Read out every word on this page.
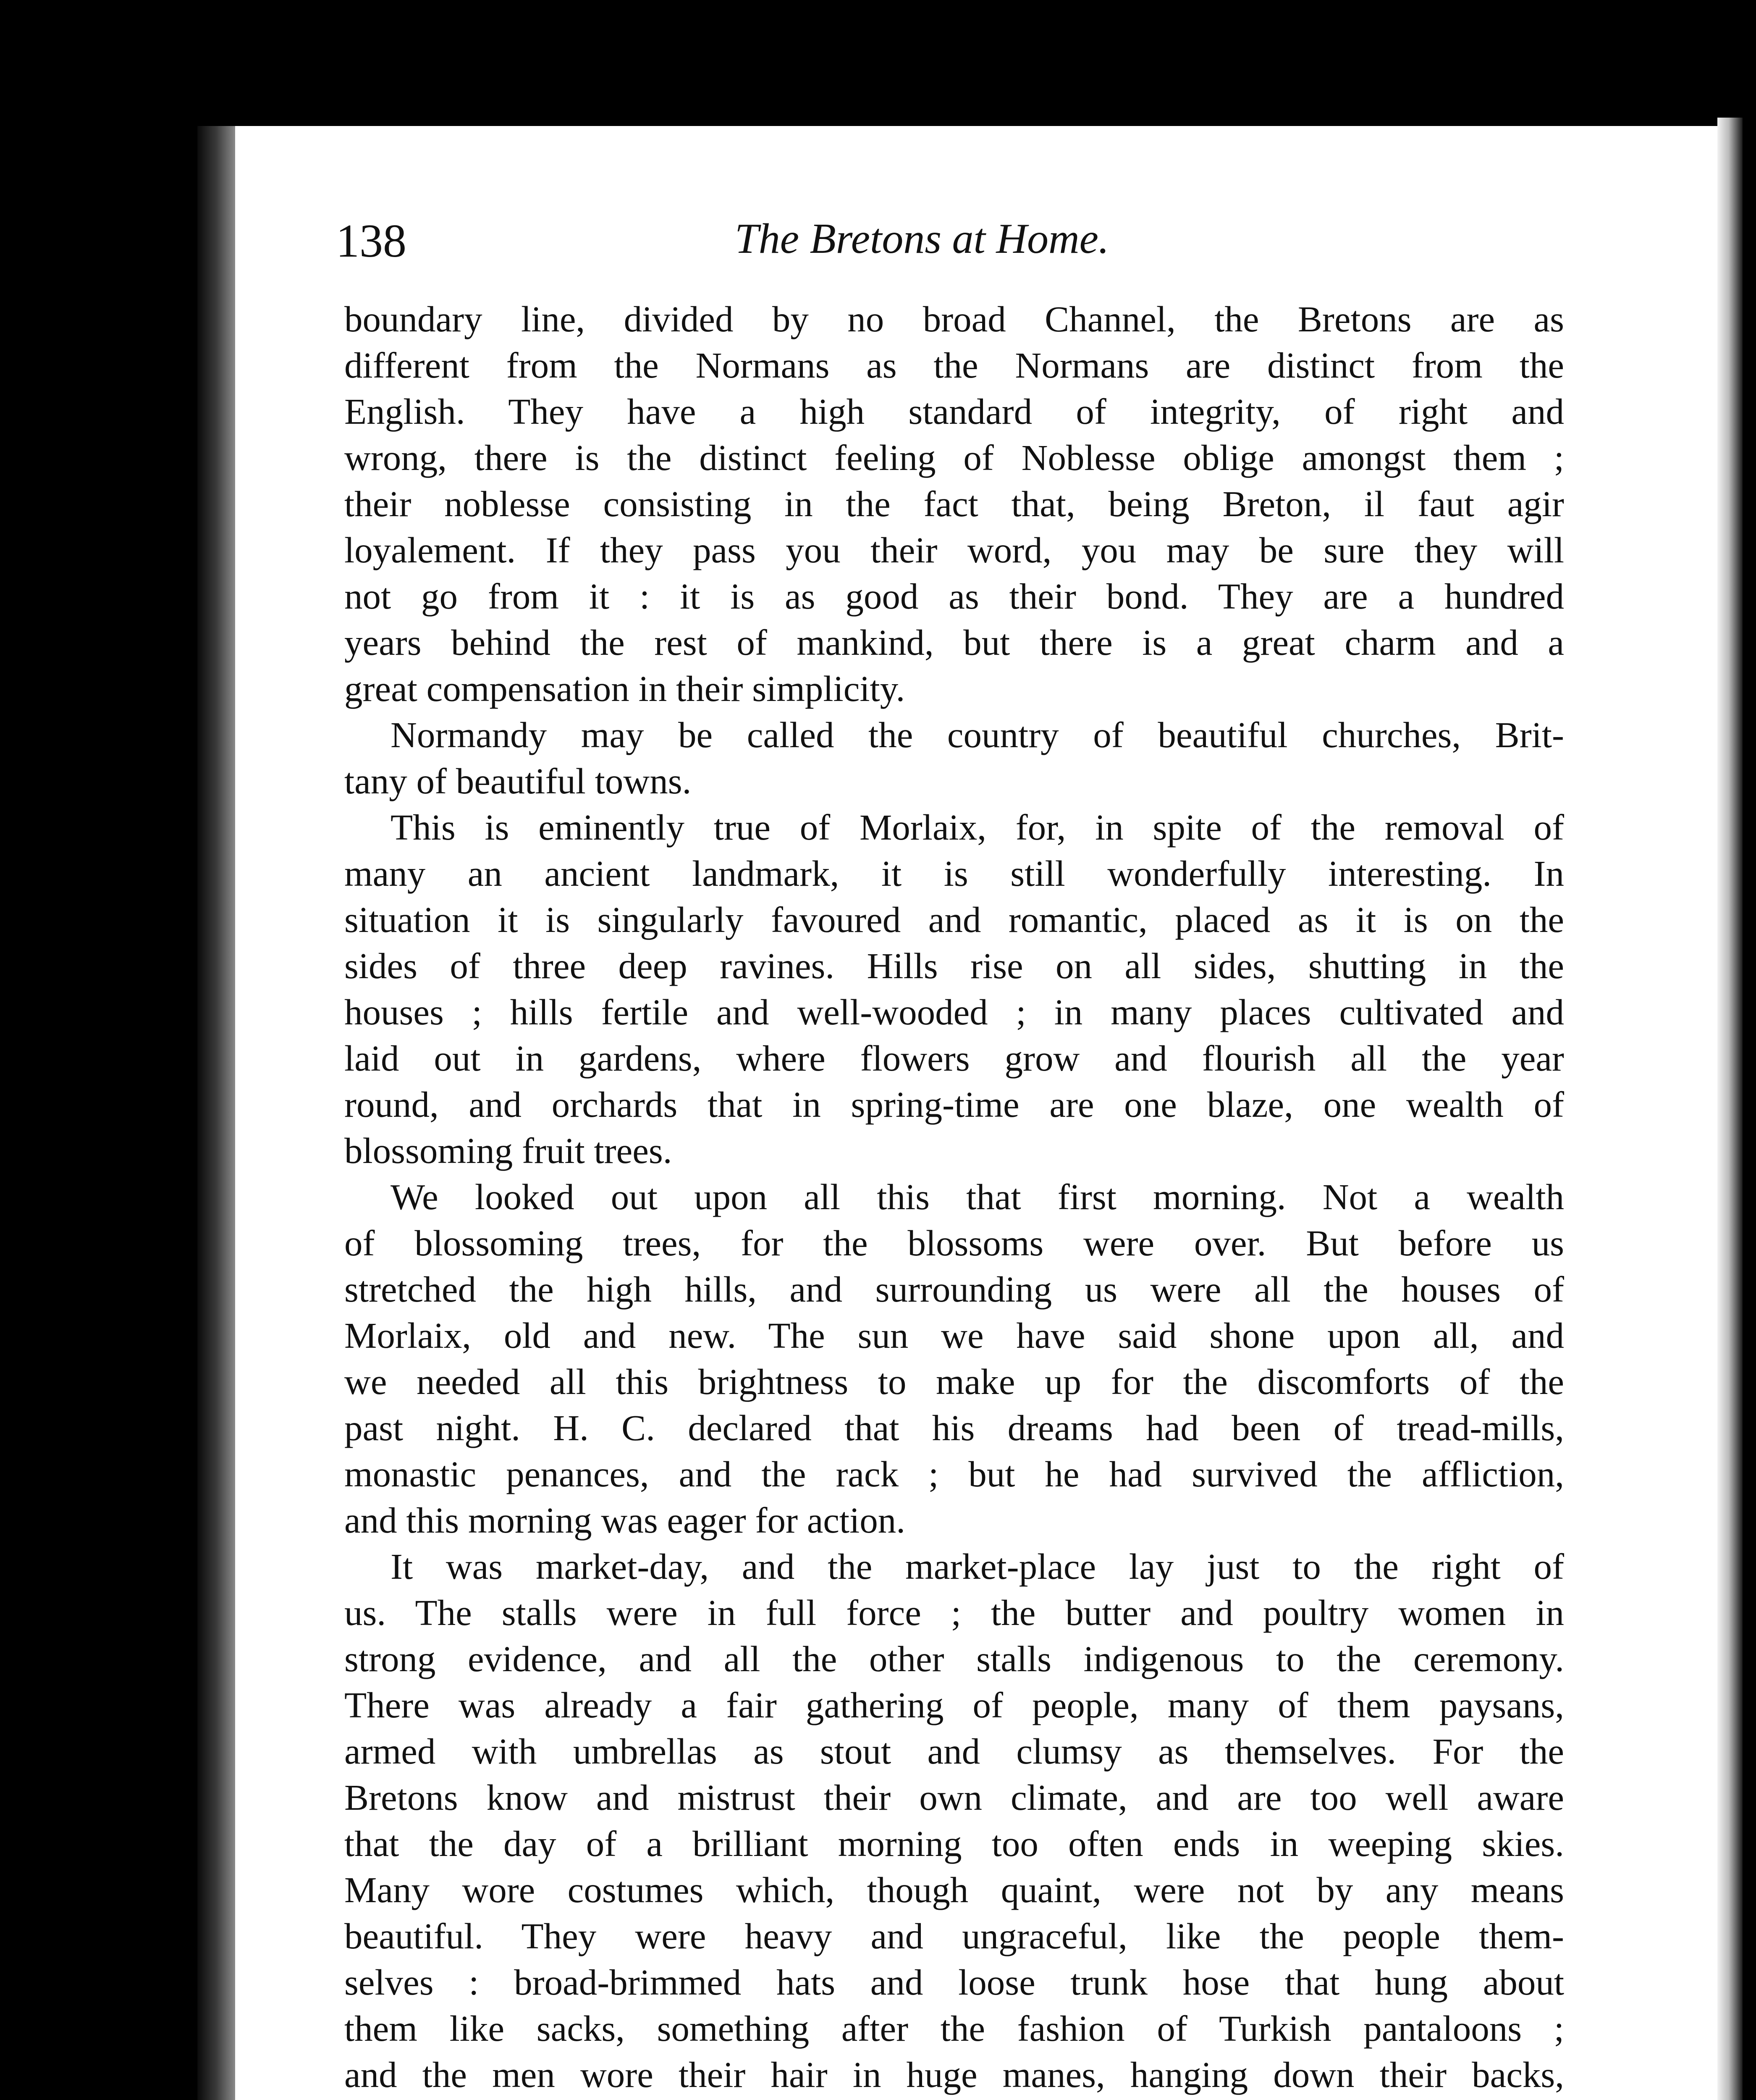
138	The Bretons at Home.
boundary line, divided by no broad Channel, the Bretons are as
different from the Normans as the Normans are distinct from the
English. They have a high standard of integrity, of right and
wrong, there is the distinct feeling of Noblesse oblige amongst them ;
their noblesse consisting in the fact that, being Breton, il faut agir
loyalement. If they pass you their word, you may be sure they will
not go from it : it is as good as their bond. They are a hundred
years behind the rest of mankind, but there is a great charm and a
great compensation in their simplicity.
Normandy may be called the country of beautiful churches, Brit-
tany of beautiful towns.
This is eminently true of Morlaix, for, in spite of the removal of
many an ancient landmark, it is still wonderfully interesting. In
situation it is singularly favoured and romantic, placed as it is on the
sides of three deep ravines. Hills rise on all sides, shutting in the
houses ; hills fertile and well-wooded ; in many places cultivated and
laid out in gardens, where flowers grow and flourish all the year
round, and orchards that in spring-time are one blaze, one wealth of
blossoming fruit trees.
We looked out upon all this that first morning. Not a wealth
of blossoming trees, for the blossoms were over. But before us
stretched the high hills, and surrounding us were all the houses of
Morlaix, old and new. The sun we have said shone upon all, and
we needed all this brightness to make up for the discomforts of the
past night. H. C. declared that his dreams had been of tread-mills,
monastic penances, and the rack ; but he had survived the affliction,
and this morning was eager for action.
It was market-day, and the market-place lay just to the right of
us. The stalls were in full force ; the butter and poultry women in
strong evidence, and all the other stalls indigenous to the ceremony.
There was already a fair gathering of people, many of them paysans,
armed with umbrellas as stout and clumsy as themselves. For the
Bretons know and mistrust their own climate, and are too well aware
that the day of a brilliant morning too often ends in weeping skies.
Many wore costumes which, though quaint, were not by any means
beautiful. They were heavy and ungraceful, like the people them-
selves : broad-brimmed hats and loose trunk hose that hung about
them like sacks, something after the fashion of Turkish pantaloons ;
and the men wore their hair in huge manes, hanging down their backs,
